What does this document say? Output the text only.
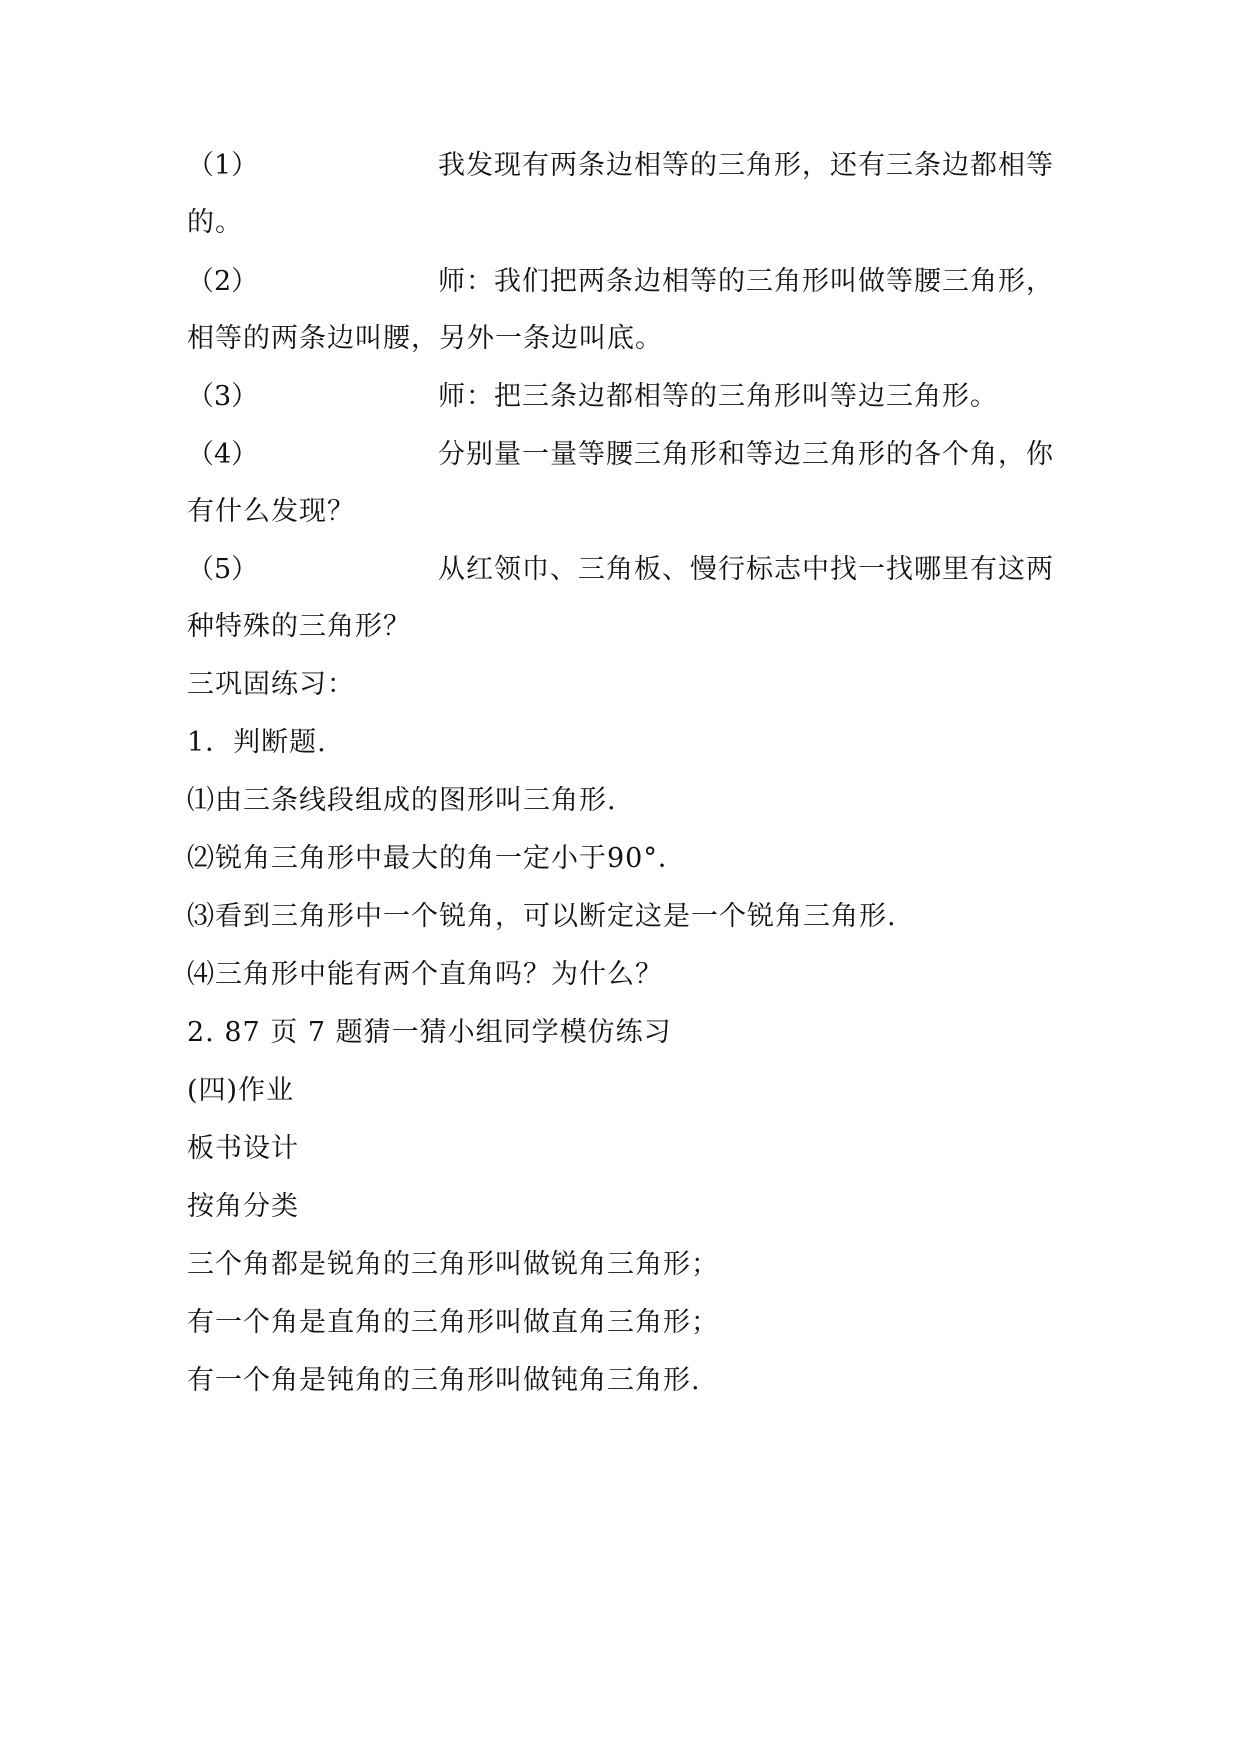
（1）	我发现有两条边相等的三角形，还有三条边都相等
的。
（2）	师：我们把两条边相等的三角形叫做等腰三角形，
相等的两条边叫腰，另外一条边叫底。
（3）	师：把三条边都相等的三角形叫等边三角形。
（4）	分别量一量等腰三角形和等边三角形的各个角，你
有什么发现？
（5）	从红领巾、三角板、慢行标志中找一找哪里有这两
种特殊的三角形？
三巩固练习：
1．判断题.
⑴由三条线段组成的图形叫三角形.
⑵锐角三角形中最大的角一定小于90°．
⑶看到三角形中一个锐角，可以断定这是一个锐角三角形.
⑷三角形中能有两个直角吗？为什么？
2. 87 页 7 题猜一猜小组同学模仿练习
(四)作业
板书设计
按角分类
三个角都是锐角的三角形叫做锐角三角形；
有一个角是直角的三角形叫做直角三角形；
有一个角是钝角的三角形叫做钝角三角形.
